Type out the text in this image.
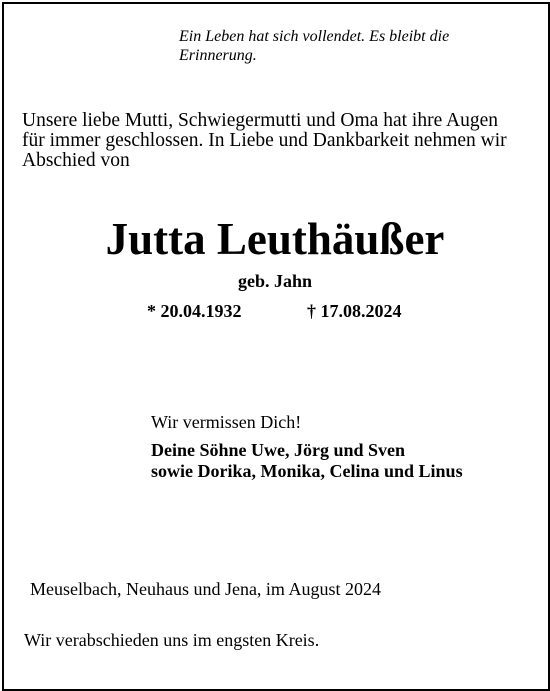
Ein Leben hat sich vollendet. Es bleibt die
Erinnerung.
Unsere liebe Mutti, Schwiegermutti und Oma hat ihre Augen
für immer geschlossen. In Liebe und Dankbarkeit nehmen wir
Abschied von
Jutta Leuthäußer
geb. Jahn
* 20.04.1932	† 17.08.2024
Wir vermissen Dich!
Deine Söhne Uwe, Jörg und Sven
sowie Dorika, Monika, Celina und Linus
Meuselbach, Neuhaus und Jena, im August 2024
Wir verabschieden uns im engsten Kreis.
